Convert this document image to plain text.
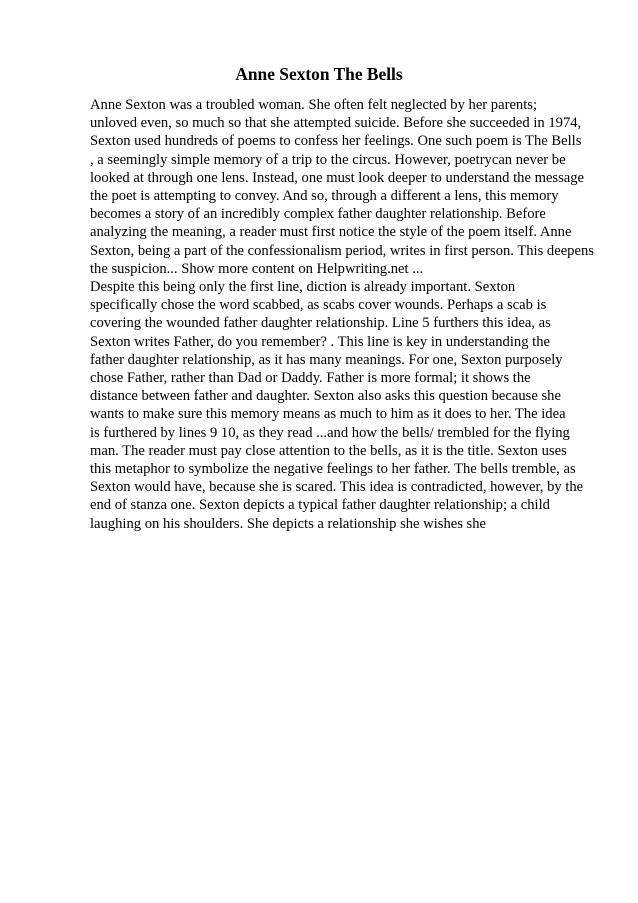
Anne Sexton The Bells
Anne Sexton was a troubled woman. She often felt neglected by her parents;
unloved even, so much so that she attempted suicide. Before she succeeded in 1974,
Sexton used hundreds of poems to confess her feelings. One such poem is The Bells
, a seemingly simple memory of a trip to the circus. However, poetrycan never be
looked at through one lens. Instead, one must look deeper to understand the message
the poet is attempting to convey. And so, through a different a lens, this memory
becomes a story of an incredibly complex father daughter relationship. Before
analyzing the meaning, a reader must first notice the style of the poem itself. Anne
Sexton, being a part of the confessionalism period, writes in first person. This deepens
the suspicion... Show more content on Helpwriting.net ...
Despite this being only the first line, diction is already important. Sexton
specifically chose the word scabbed, as scabs cover wounds. Perhaps a scab is
covering the wounded father daughter relationship. Line 5 furthers this idea, as
Sexton writes Father, do you remember? . This line is key in understanding the
father daughter relationship, as it has many meanings. For one, Sexton purposely
chose Father, rather than Dad or Daddy. Father is more formal; it shows the
distance between father and daughter. Sexton also asks this question because she
wants to make sure this memory means as much to him as it does to her. The idea
is furthered by lines 9 10, as they read ...and how the bells/ trembled for the flying
man. The reader must pay close attention to the bells, as it is the title. Sexton uses
this metaphor to symbolize the negative feelings to her father. The bells tremble, as
Sexton would have, because she is scared. This idea is contradicted, however, by the
end of stanza one. Sexton depicts a typical father daughter relationship; a child
laughing on his shoulders. She depicts a relationship she wishes she
